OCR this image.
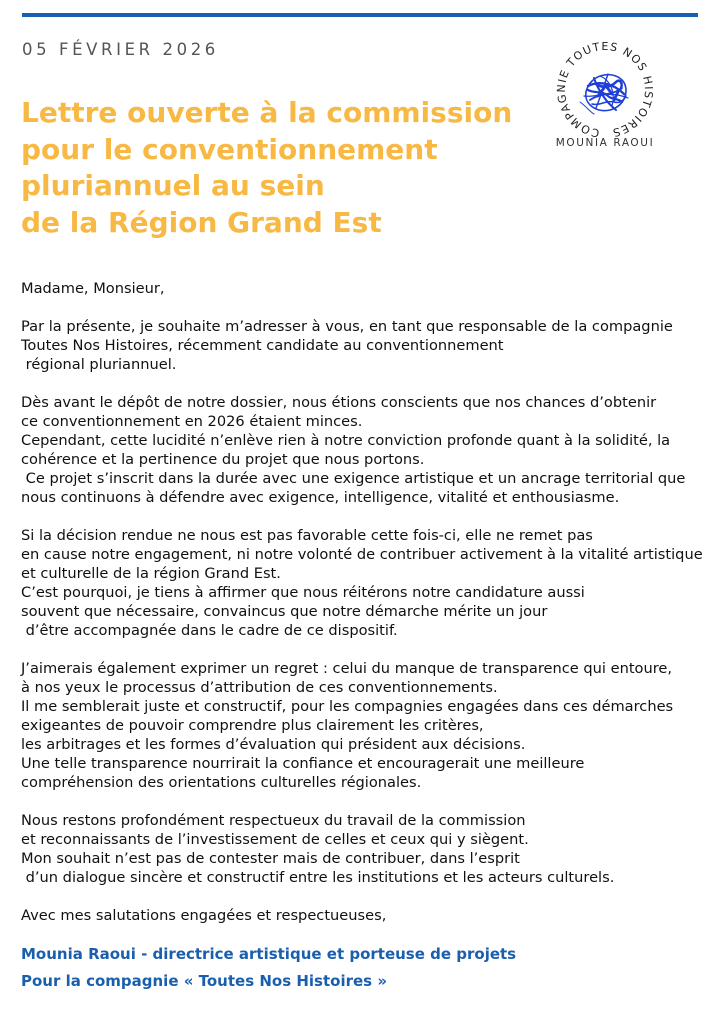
05 FÉVRIER 2026
Lettre ouverte à la commission
pour le conventionnement
pluriannuel au sein
de la Région Grand Est
COMPAGNIE TOUTES NOS HISTOIRES
MOUNIA RAOUI

Madame, Monsieur,

Par la présente, je souhaite m’adresser à vous, en tant que responsable de la compagnie
Toutes Nos Histoires, récemment candidate au conventionnement
régional pluriannuel.

Dès avant le dépôt de notre dossier, nous étions conscients que nos chances d’obtenir
ce conventionnement en 2026 étaient minces.
Cependant, cette lucidité n’enlève rien à notre conviction profonde quant à la solidité, la
cohérence et la pertinence du projet que nous portons.
Ce projet s’inscrit dans la durée avec une exigence artistique et un ancrage territorial que
nous continuons à défendre avec exigence, intelligence, vitalité et enthousiasme.

Si la décision rendue ne nous est pas favorable cette fois-ci, elle ne remet pas
en cause notre engagement, ni notre volonté de contribuer activement à la vitalité artistique
et culturelle de la région Grand Est.
C’est pourquoi, je tiens à affirmer que nous réitérons notre candidature aussi
souvent que nécessaire, convaincus que notre démarche mérite un jour
d’être accompagnée dans le cadre de ce dispositif.

J’aimerais également exprimer un regret : celui du manque de transparence qui entoure,
à nos yeux le processus d’attribution de ces conventionnements.
Il me semblerait juste et constructif, pour les compagnies engagées dans ces démarches
exigeantes de pouvoir comprendre plus clairement les critères,
les arbitrages et les formes d’évaluation qui président aux décisions.
Une telle transparence nourrirait la confiance et encouragerait une meilleure
compréhension des orientations culturelles régionales.

Nous restons profondément respectueux du travail de la commission
et reconnaissants de l’investissement de celles et ceux qui y siègent.
Mon souhait n’est pas de contester mais de contribuer, dans l’esprit
d’un dialogue sincère et constructif entre les institutions et les acteurs culturels.

Avec mes salutations engagées et respectueuses,

Mounia Raoui - directrice artistique et porteuse de projets
Pour la compagnie « Toutes Nos Histoires »
